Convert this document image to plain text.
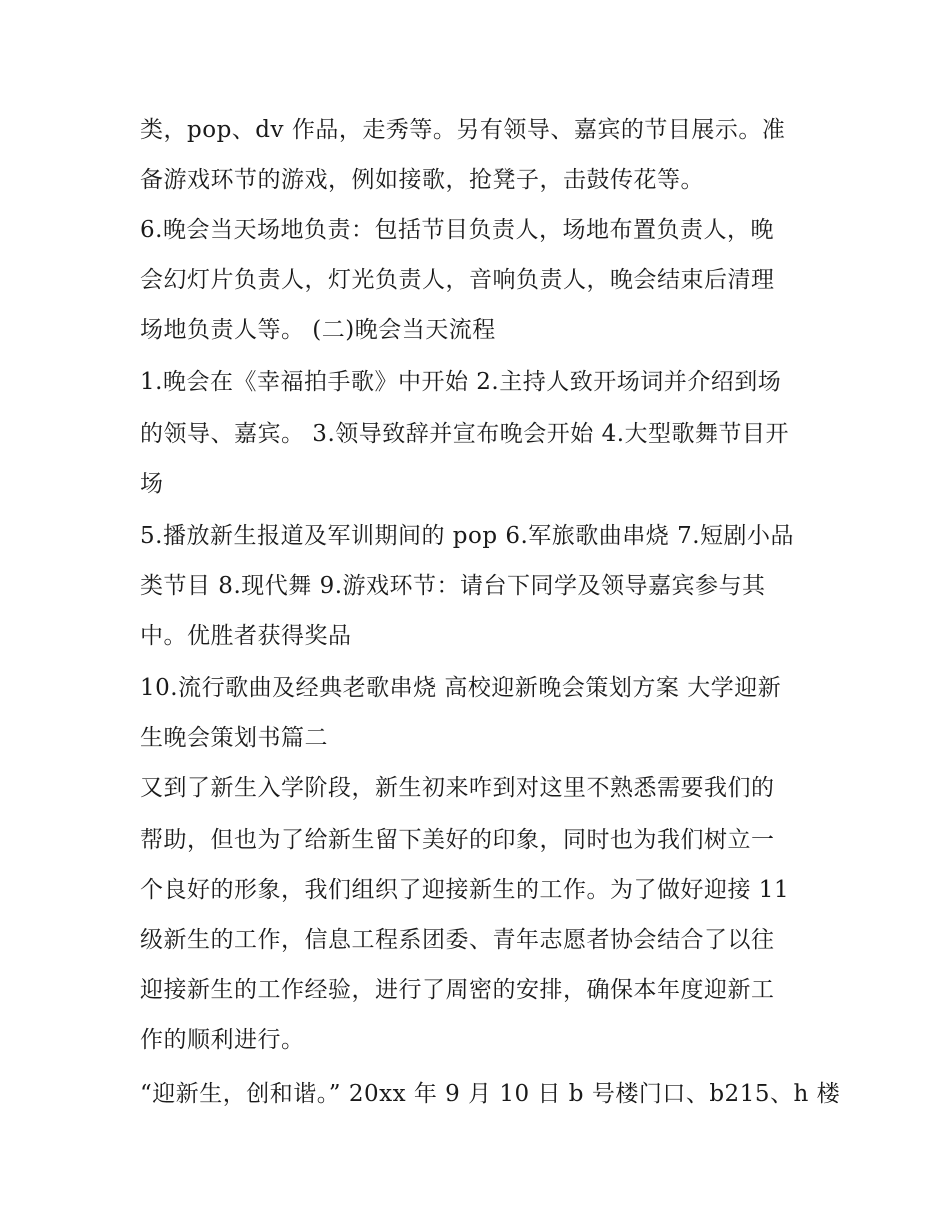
类，pop、dv 作品，走秀等。另有领导、嘉宾的节目展示。准
备游戏环节的游戏，例如接歌，抢凳子，击鼓传花等。
6.晚会当天场地负责：包括节目负责人，场地布置负责人，晚
会幻灯片负责人，灯光负责人，音响负责人，晚会结束后清理
场地负责人等。 (二)晚会当天流程
1.晚会在《幸福拍手歌》中开始 2.主持人致开场词并介绍到场
的领导、嘉宾。 3.领导致辞并宣布晚会开始 4.大型歌舞节目开
场
5.播放新生报道及军训期间的 pop 6.军旅歌曲串烧 7.短剧小品
类节目 8.现代舞 9.游戏环节：请台下同学及领导嘉宾参与其
中。优胜者获得奖品
10.流行歌曲及经典老歌串烧 高校迎新晚会策划方案 大学迎新
生晚会策划书篇二
又到了新生入学阶段，新生初来咋到对这里不熟悉需要我们的
帮助，但也为了给新生留下美好的印象，同时也为我们树立一
个良好的形象，我们组织了迎接新生的工作。为了做好迎接 11
级新生的工作，信息工程系团委、青年志愿者协会结合了以往
迎接新生的工作经验，进行了周密的安排，确保本年度迎新工
作的顺利进行。
“迎新生，创和谐。” 20xx 年 9 月 10 日 b 号楼门口、b215、h 楼
